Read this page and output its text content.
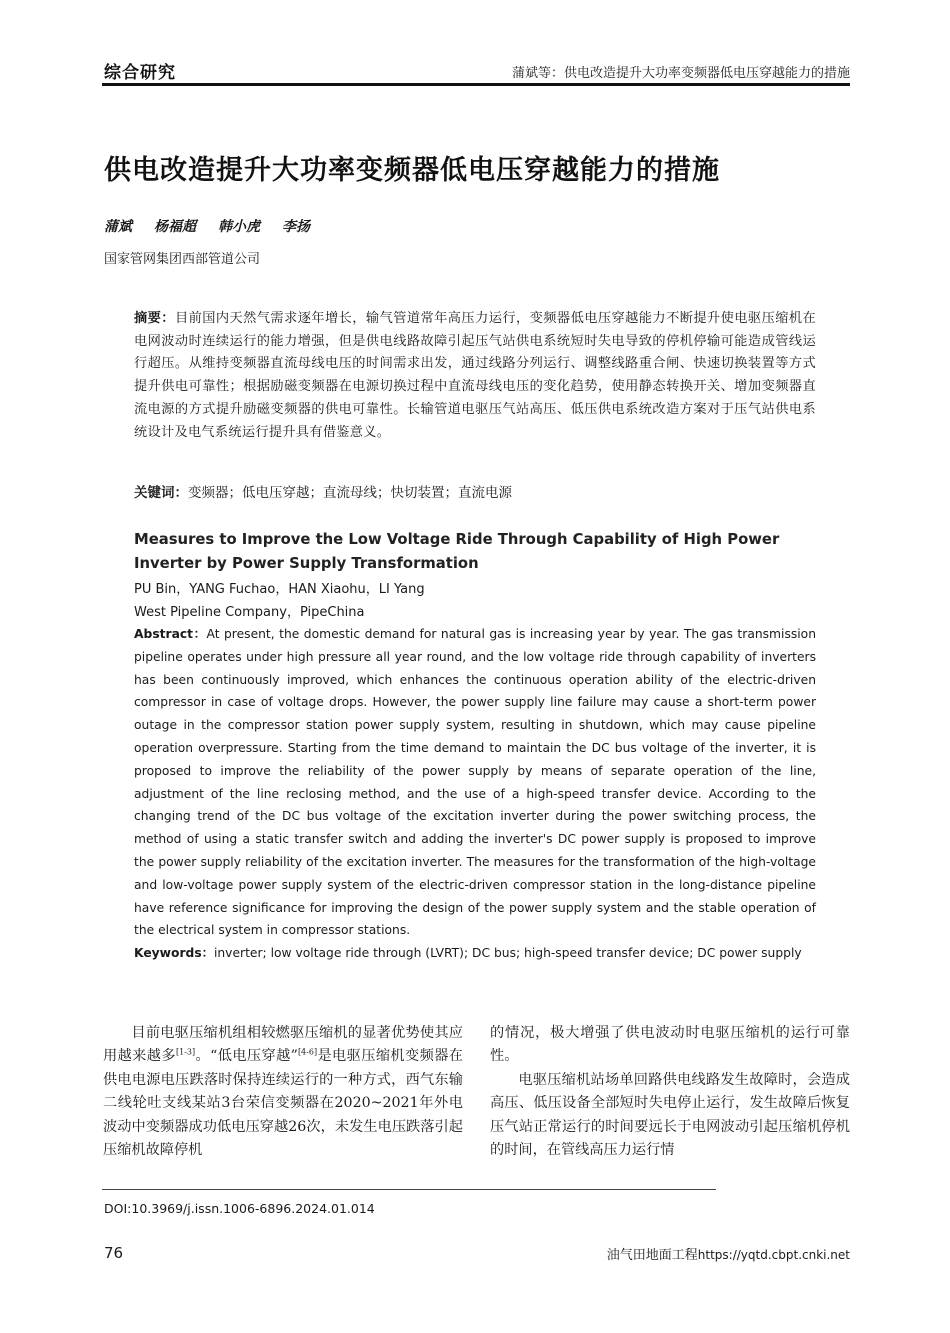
综合研究	蒲斌等：供电改造提升大功率变频器低电压穿越能力的措施
供电改造提升大功率变频器低电压穿越能力的措施
蒲斌 杨福超 韩小虎 李扬
国家管网集团西部管道公司
摘要：目前国内天然气需求逐年增长，输气管道常年高压力运行，变频器低电压穿越能力不断提升使电驱压缩机在电网波动时连续运行的能力增强，但是供电线路故障引起压气站供电系统短时失电导致的停机停输可能造成管线运行超压。从维持变频器直流母线电压的时间需求出发，通过线路分列运行、调整线路重合闸、快速切换装置等方式提升供电可靠性；根据励磁变频器在电源切换过程中直流母线电压的变化趋势，使用静态转换开关、增加变频器直流电源的方式提升励磁变频器的供电可靠性。长输管道电驱压气站高压、低压供电系统改造方案对于压气站供电系统设计及电气系统运行提升具有借鉴意义。
关键词：变频器；低电压穿越；直流母线；快切装置；直流电源
Measures to Improve the Low Voltage Ride Through Capability of High Power Inverter by Power Supply Transformation
PU Bin，YANG Fuchao，HAN Xiaohu，LI Yang
West Pipeline Company，PipeChina
Abstract：At present, the domestic demand for natural gas is increasing year by year. The gas transmission pipeline operates under high pressure all year round, and the low voltage ride through capability of inverters has been continuously improved, which enhances the continuous operation ability of the electric-driven compressor in case of voltage drops. However, the power supply line failure may cause a short-term power outage in the compressor station power supply system, resulting in shutdown, which may cause pipeline operation overpressure. Starting from the time demand to maintain the DC bus voltage of the inverter, it is proposed to improve the reliability of the power supply by means of separate operation of the line, adjustment of the line reclosing method, and the use of a high-speed transfer device. According to the changing trend of the DC bus voltage of the excitation inverter during the power switching process, the method of using a static transfer switch and adding the inverter's DC power supply is proposed to improve the power supply reliability of the excitation inverter. The measures for the transformation of the high-voltage and low-voltage power supply system of the electric-driven compressor station in the long-distance pipeline have reference significance for improving the design of the power supply system and the stable operation of the electrical system in compressor stations.
Keywords：inverter; low voltage ride through (LVRT); DC bus; high-speed transfer device; DC power supply

目前电驱压缩机组相较燃驱压缩机的显著优势使其应用越来越多[1-3]。“低电压穿越”[4-6]是电驱压缩机变频器在供电电源电压跌落时保持连续运行的一种方式，西气东输二线轮吐支线某站3台荣信变频器在2020~2021年外电波动中变频器成功低电压穿越26次，未发生电压跌落引起压缩机故障停机

的情况，极大增强了供电波动时电驱压缩机的运行可靠性。

电驱压缩机站场单回路供电线路发生故障时，会造成高压、低压设备全部短时失电停止运行，发生故障后恢复压气站正常运行的时间要远长于电网波动引起压缩机停机的时间，在管线高压力运行情

DOI:10.3969/j.issn.1006-6896.2024.01.014
76	油气田地面工程https://yqtd.cbpt.cnki.net
